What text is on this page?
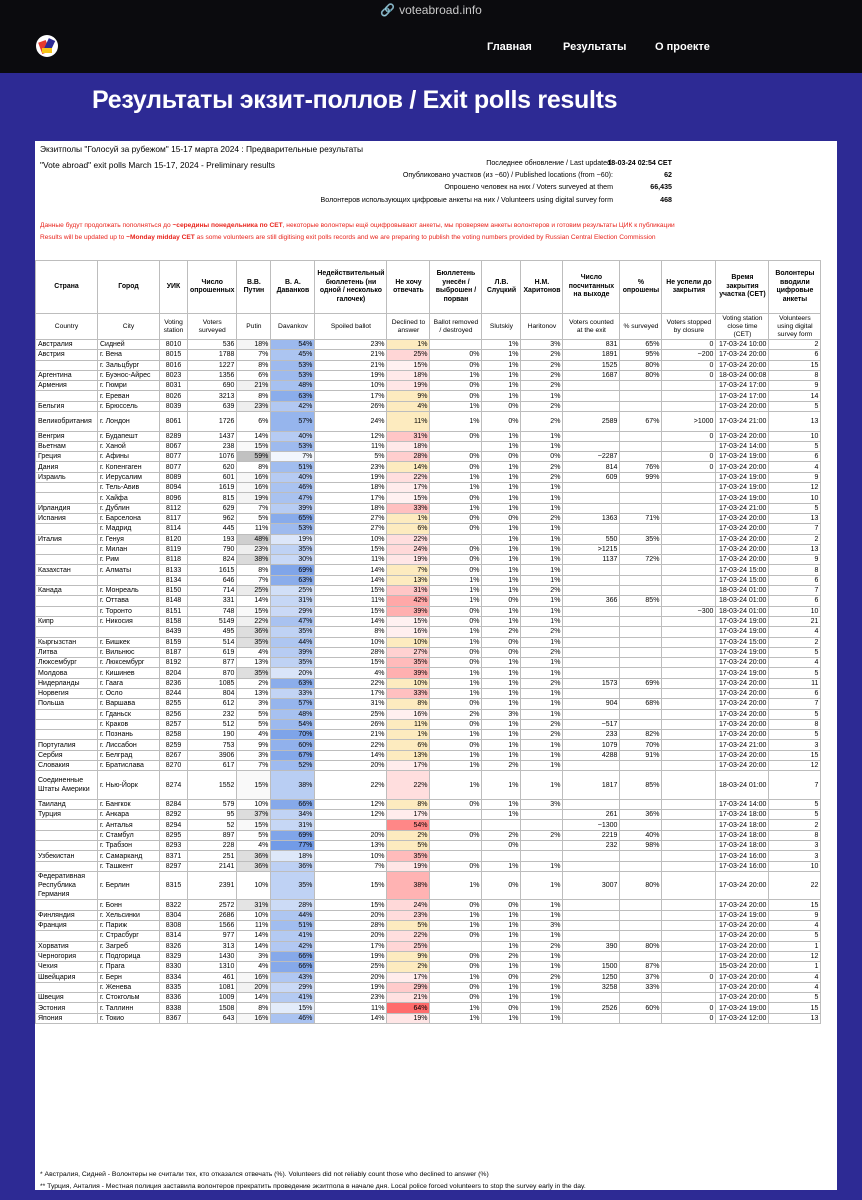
🔗 voteabroad.info
Главная	Результаты	О проекте
Результаты экзит-поллов / Exit polls results
Экзитполы "Голосуй за рубежом" 15-17 марта 2024 : Предварительные результаты
"Vote abroad" exit polls March 15-17, 2024 - Preliminary results	Последнее обновление / Last updated:
18-03-24 02:54 CET
Опубликовано участков (из ~60) / Published locations (from ~60):	62
Опрошено человек на них / Voters surveyed at them	66,435
Волонтеров использующих цифровые анкеты на них / Volunteers using digital survey form	468
Данные будут продолжать пополняться до ~середины понедельника по CET, некоторые волонтеры ещё оцифровывают анкеты, мы проверяем анкеты волонтеров и готовим результаты ЦИК к публикации
Results will be updated up to ~Monday midday CET as some volunteers are still digitising exit polls records and we are preparing to publish the voting numbers provided by Russian Central Election Commission
Страна	Город	УИК	Число опрошенных	В.В. Путин	В. А. Даванков	Недействительный бюллетень (ни одной / несколько галочек)	Не хочу отвечать	Бюллетень унесён / выброшен / порван	Л.В. Слуцкий	Н.М. Харитонов	Число посчитанных на выходе	% опрошены	Не успели до закрытия	Время закрытия участка (CET)	Волонтеры вводили цифровые анкеты
Country	City	Voting station	Voters surveyed	Putin	Davankov	Spoiled ballot	Declined to answer	Ballot removed / destroyed	Slutskiy	Haritonov	Voters counted at the exit	% surveyed	Voters stopped by closure	Voting station close time (CET)	Volunteers using digital survey form
Австралия	Сидней	8010	536	18%	54%	23%	1%		1%	3%	831	65%	0	17-03-24 10:00	2
Австрия	г. Вена	8015	1788	7%	45%	21%	25%	0%	1%	2%	1891	95%	~200	17-03-24 20:00	6
	г. Зальцбург	8016	1227	8%	53%	21%	15%	0%	1%	2%	1525	80%	0	17-03-24 20:00	15
Аргентина	г. Буэнос-Айрес	8023	1356	6%	53%	19%	18%	1%	1%	2%	1687	80%	0	18-03-24 00:08	8
Армения	г. Гюмри	8031	690	21%	48%	10%	19%	0%	1%	2%				17-03-24 17:00	9
	г. Ереван	8026	3213	8%	63%	17%	9%	0%	1%	1%				17-03-24 17:00	14
Бельгия	г. Брюссель	8039	639	23%	42%	26%	4%	1%	0%	2%				17-03-24 20:00	5
Великобритания	г. Лондон	8061	1726	6%	57%	24%	11%	1%	0%	2%	2589	67%	>1000	17-03-24 21:00	13
Венгрия	г. Будапешт	8289	1437	14%	40%	12%	31%	0%	1%	1%			0	17-03-24 20:00	10
Вьетнам	г. Ханой	8067	238	15%	53%	11%	18%		1%	1%				17-03-24 14:00	5
Греция	г. Афины	8077	1076	59%	7%	5%	28%	0%	0%	0%	~2287		0	17-03-24 19:00	6
Дания	г. Копенгаген	8077	620	8%	51%	23%	14%	0%	1%	2%	814	76%	0	17-03-24 20:00	4
Израиль	г. Иерусалим	8089	601	16%	40%	19%	22%	1%	1%	2%	609	99%		17-03-24 19:00	9
	г. Тель-Авив	8094	1619	16%	46%	18%	17%	1%	1%	1%				17-03-24 19:00	12
	г. Хайфа	8096	815	19%	47%	17%	15%	0%	1%	1%				17-03-24 19:00	10
Ирландия	г. Дублин	8112	629	7%	39%	18%	33%	1%	1%	1%				17-03-24 21:00	5
Испания	г. Барселона	8117	962	5%	65%	27%	1%	0%	0%	2%	1363	71%		17-03-24 20:00	13
	г. Мадрид	8114	445	11%	53%	27%	6%	0%	1%	1%				17-03-24 20:00	7
Италия	г. Генуя	8120	193	48%	19%	10%	22%		1%	1%	550	35%		17-03-24 20:00	2
	г. Милан	8119	790	23%	35%	15%	24%	0%	1%	1%	>1215			17-03-24 20:00	13
	г. Рим	8118	824	38%	30%	11%	19%	0%	1%	1%	1137	72%		17-03-24 20:00	9
Казахстан	г. Алматы	8133	1615	8%	69%	14%	7%	0%	1%	1%				17-03-24 15:00	8
		8134	646	7%	63%	14%	13%	1%	1%	1%				17-03-24 15:00	6
Канада	г. Монреаль	8150	714	25%	25%	15%	31%	1%	1%	2%				18-03-24 01:00	7
	г. Оттава	8148	331	14%	31%	11%	42%	1%	0%	1%	366	85%		18-03-24 01:00	6
	г. Торонто	8151	748	15%	29%	15%	39%	0%	1%	1%			~300	18-03-24 01:00	10
Кипр	г. Никосия	8158	5149	22%	47%	14%	15%	0%	1%	1%				17-03-24 19:00	21
		8439	495	36%	35%	8%	16%	1%	2%	2%				17-03-24 19:00	4
Кыргызстан	г. Бишкек	8159	514	35%	44%	10%	10%	1%	0%	1%				17-03-24 15:00	2
Литва	г. Вильнюс	8187	619	4%	39%	28%	27%	0%	0%	2%				17-03-24 19:00	5
Люксембург	г. Люксембург	8192	877	13%	35%	15%	35%	0%	1%	1%				17-03-24 20:00	4
Молдова	г. Кишинев	8204	870	35%	20%	4%	39%	1%	1%	1%				17-03-24 19:00	5
Нидерланды	г. Гаага	8236	1085	2%	63%	22%	10%	1%	1%	2%	1573	69%		17-03-24 20:00	11
Норвегия	г. Осло	8244	804	13%	33%	17%	33%	1%	1%	1%				17-03-24 20:00	6
Польша	г. Варшава	8255	612	3%	57%	31%	8%	0%	1%	1%	904	68%		17-03-24 20:00	7
	г. Гданьск	8256	232	5%	48%	25%	16%	2%	3%	1%				17-03-24 20:00	5
	г. Краков	8257	512	5%	54%	26%	11%	0%	1%	2%	~517			17-03-24 20:00	8
	г. Познань	8258	190	4%	70%	21%	1%	1%	1%	2%	233	82%		17-03-24 20:00	5
Португалия	г. Лиссабон	8259	753	9%	60%	22%	6%	0%	1%	1%	1079	70%		17-03-24 21:00	3
Сербия	г. Белград	8267	3906	3%	67%	14%	13%	1%	1%	1%	4288	91%		17-03-24 20:00	15
Словакия	г. Братислава	8270	617	7%	52%	20%	17%	1%	2%	1%				17-03-24 20:00	12
Соединенные Штаты Америки	г. Нью-Йорк	8274	1552	15%	38%	22%	22%	1%	1%	1%	1817	85%		18-03-24 01:00	7
Таиланд	г. Бангкок	8284	579	10%	66%	12%	8%	0%	1%	3%				17-03-24 14:00	5
Турция	г. Анкара	8292	95	37%	34%	12%	17%		1%		261	36%		17-03-24 18:00	5
	г. Анталья	8294	52	15%	31%		54%				~1300			17-03-24 18:00	2
	г. Стамбул	8295	897	5%	69%	20%	2%	0%	2%	2%	2219	40%		17-03-24 18:00	8
	г. Трабзон	8293	228	4%	77%	13%	5%		0%		232	98%		17-03-24 18:00	3
Узбекистан	г. Самарканд	8371	251	36%	18%	10%	35%							17-03-24 16:00	3
	г. Ташкент	8297	2141	36%	36%	7%	19%	0%	1%	1%				17-03-24 16:00	10
Федеративная Республика Германия	г. Берлин	8315	2391	10%	35%	15%	38%	1%	0%	1%	3007	80%		17-03-24 20:00	22
	г. Бонн	8322	2572	31%	28%	15%	24%	0%	0%	1%				17-03-24 20:00	15
Финляндия	г. Хельсинки	8304	2686	10%	44%	20%	23%	1%	1%	1%				17-03-24 19:00	9
Франция	г. Париж	8308	1566	11%	51%	28%	5%	1%	1%	3%				17-03-24 20:00	4
	г. Страсбург	8314	977	14%	41%	20%	22%	0%	1%	1%				17-03-24 20:00	5
Хорватия	г. Загреб	8326	313	14%	42%	17%	25%		1%	2%	390	80%		17-03-24 20:00	1
Черногория	г. Подгорица	8329	1430	3%	66%	19%	9%	0%	2%	1%				17-03-24 20:00	12
Чехия	г. Прага	8330	1310	4%	66%	25%	2%	0%	1%	1%	1500	87%		15-03-24 20:00	1
Швейцария	г. Берн	8334	461	16%	43%	20%	17%	1%	0%	2%	1250	37%	0	17-03-24 20:00	4
	г. Женева	8335	1081	20%	29%	19%	29%	0%	1%	1%	3258	33%		17-03-24 20:00	4
Швеция	г. Стокгольм	8336	1009	14%	41%	23%	21%	0%	1%	1%				17-03-24 20:00	5
Эстония	г. Таллинн	8338	1508	8%	15%	11%	64%	1%	0%	1%	2526	60%	0	17-03-24 19:00	15
Япония	г. Токио	8367	643	16%	46%	14%	19%	1%	1%	1%			0	17-03-24 12:00	13
* Австралия, Сидней - Волонтеры не считали тех, кто отказался отвечать (%). Volunteers did not reliably count those who declined to answer (%)
** Турция, Анталия - Местная полиция заставила волонтеров прекратить проведение экзитпола в начале дня. Local police forced volunteers to stop the survey early in the day.
